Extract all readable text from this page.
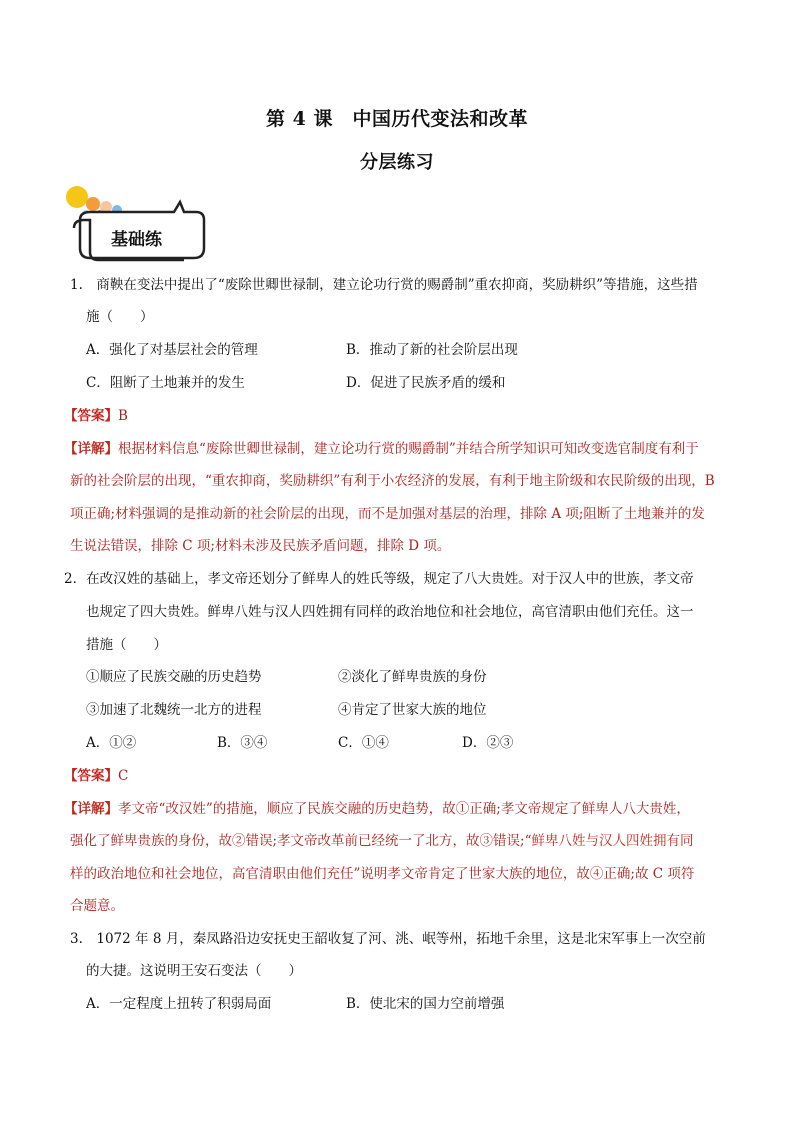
第 4 课　中国历代变法和改革
分层练习
基础练
1.　商鞅在变法中提出了“废除世卿世禄制，建立论功行赏的赐爵制”重农抑商，奖励耕织”等措施，这些措
施（　　）
A．强化了对基层社会的管理	B．推动了新的社会阶层出现
C．阻断了土地兼并的发生	D．促进了民族矛盾的缓和
【答案】B
【详解】根据材料信息“废除世卿世禄制，建立论功行赏的赐爵制”并结合所学知识可知改变选官制度有利于
新的社会阶层的出现，“重农抑商，奖励耕织”有利于小农经济的发展，有利于地主阶级和农民阶级的出现，B
项正确;材料强调的是推动新的社会阶层的出现，而不是加强对基层的治理，排除 A 项;阻断了土地兼并的发
生说法错误，排除 C 项;材料未涉及民族矛盾问题，排除 D 项。
2．在改汉姓的基础上，孝文帝还划分了鲜卑人的姓氏等级，规定了八大贵姓。对于汉人中的世族，孝文帝
也规定了四大贵姓。鲜卑八姓与汉人四姓拥有同样的政治地位和社会地位，高官清职由他们充任。这一
措施（　　）
①顺应了民族交融的历史趋势	②淡化了鲜卑贵族的身份
③加速了北魏统一北方的进程	④肯定了世家大族的地位
A．①②	B．③④	C．①④	D．②③
【答案】C
【详解】孝文帝“改汉姓”的措施，顺应了民族交融的历史趋势，故①正确;孝文帝规定了鲜卑人八大贵姓，
强化了鲜卑贵族的身份，故②错误;孝文帝改革前已经统一了北方，故③错误;“鲜卑八姓与汉人四姓拥有同
样的政治地位和社会地位，高官清职由他们充任”说明孝文帝肯定了世家大族的地位，故④正确;故 C 项符
合题意。
3.　1072 年 8 月，秦凤路沿边安抚史王韶收复了河、洮、岷等州，拓地千余里，这是北宋军事上一次空前
的大捷。这说明王安石变法（　　）
A．一定程度上扭转了积弱局面	B．使北宋的国力空前增强
